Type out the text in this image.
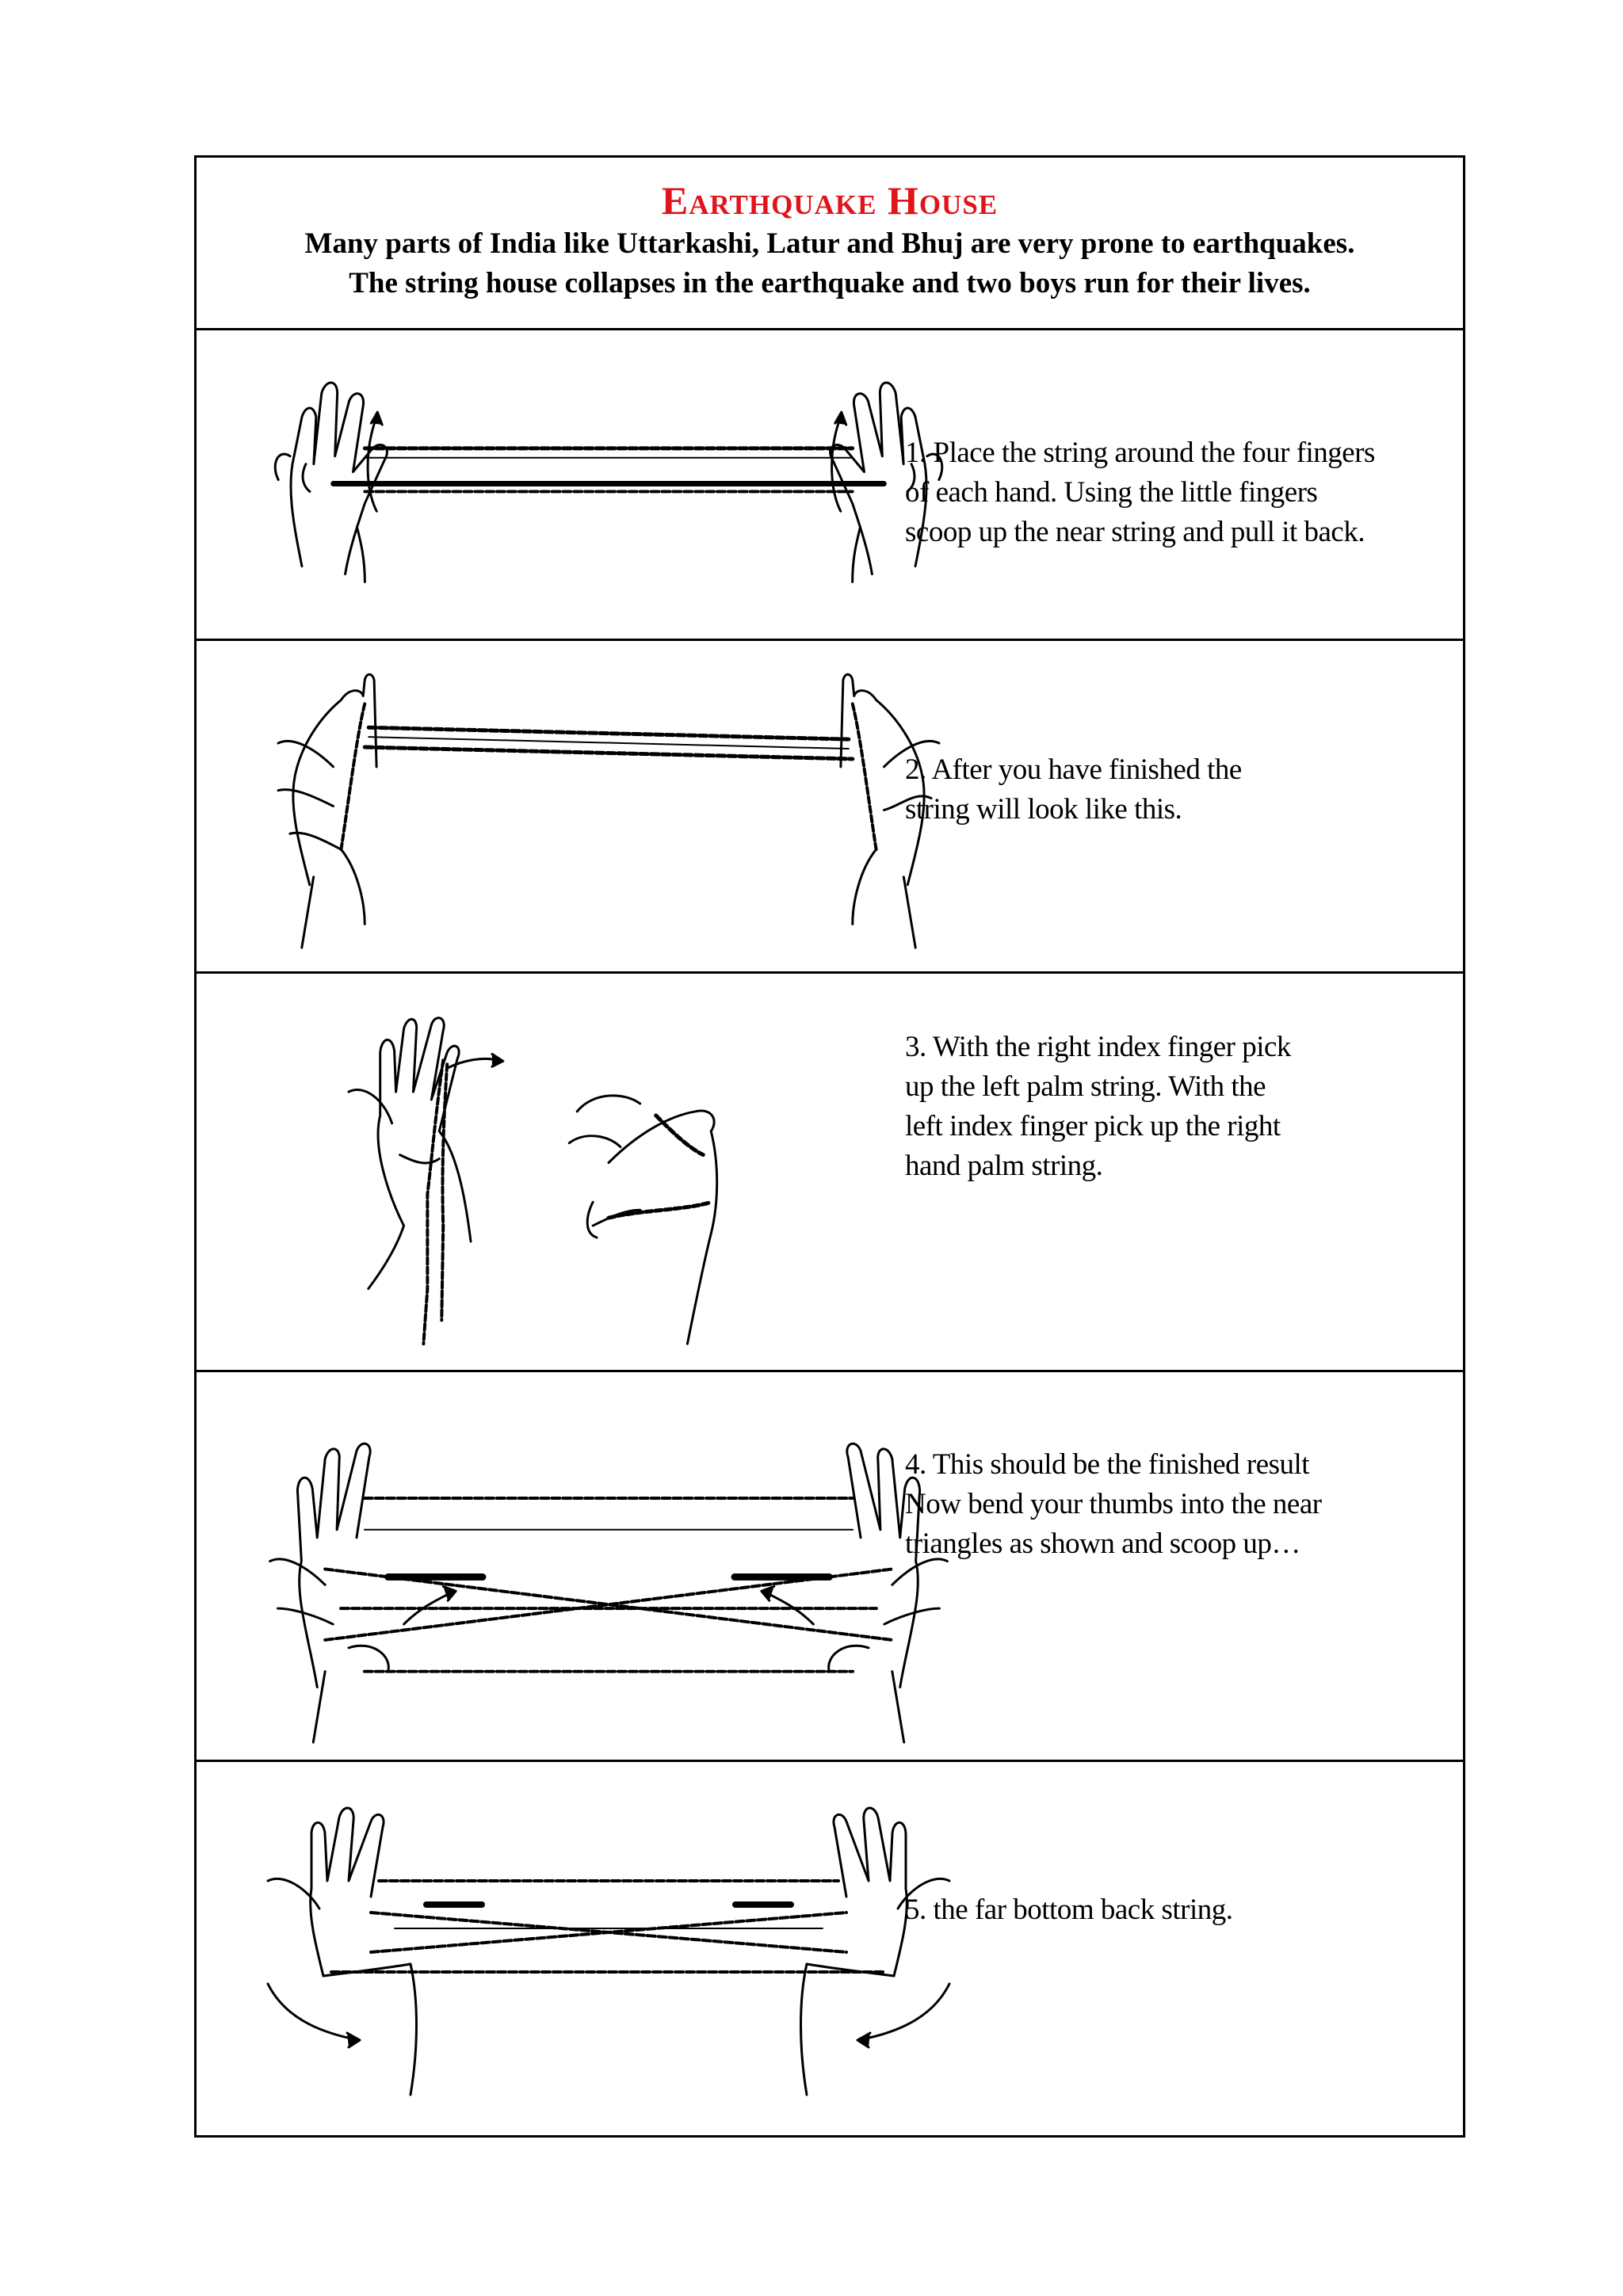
Earthquake House
Many parts of India like Uttarkashi, Latur and Bhuj are very prone to earthquakes.
The string house collapses in the earthquake and two boys run for their lives.
1. Place the string around the four fingers
of each hand. Using the little fingers
scoop up the near string and pull it back.
2. After you have finished the
string will look like this.
3. With the right index finger pick
up the left palm string. With the
left index finger pick up the right
hand palm string.
4. This should be the finished result
Now bend your thumbs into the near
triangles as shown and scoop up…
5. the far bottom back string.
